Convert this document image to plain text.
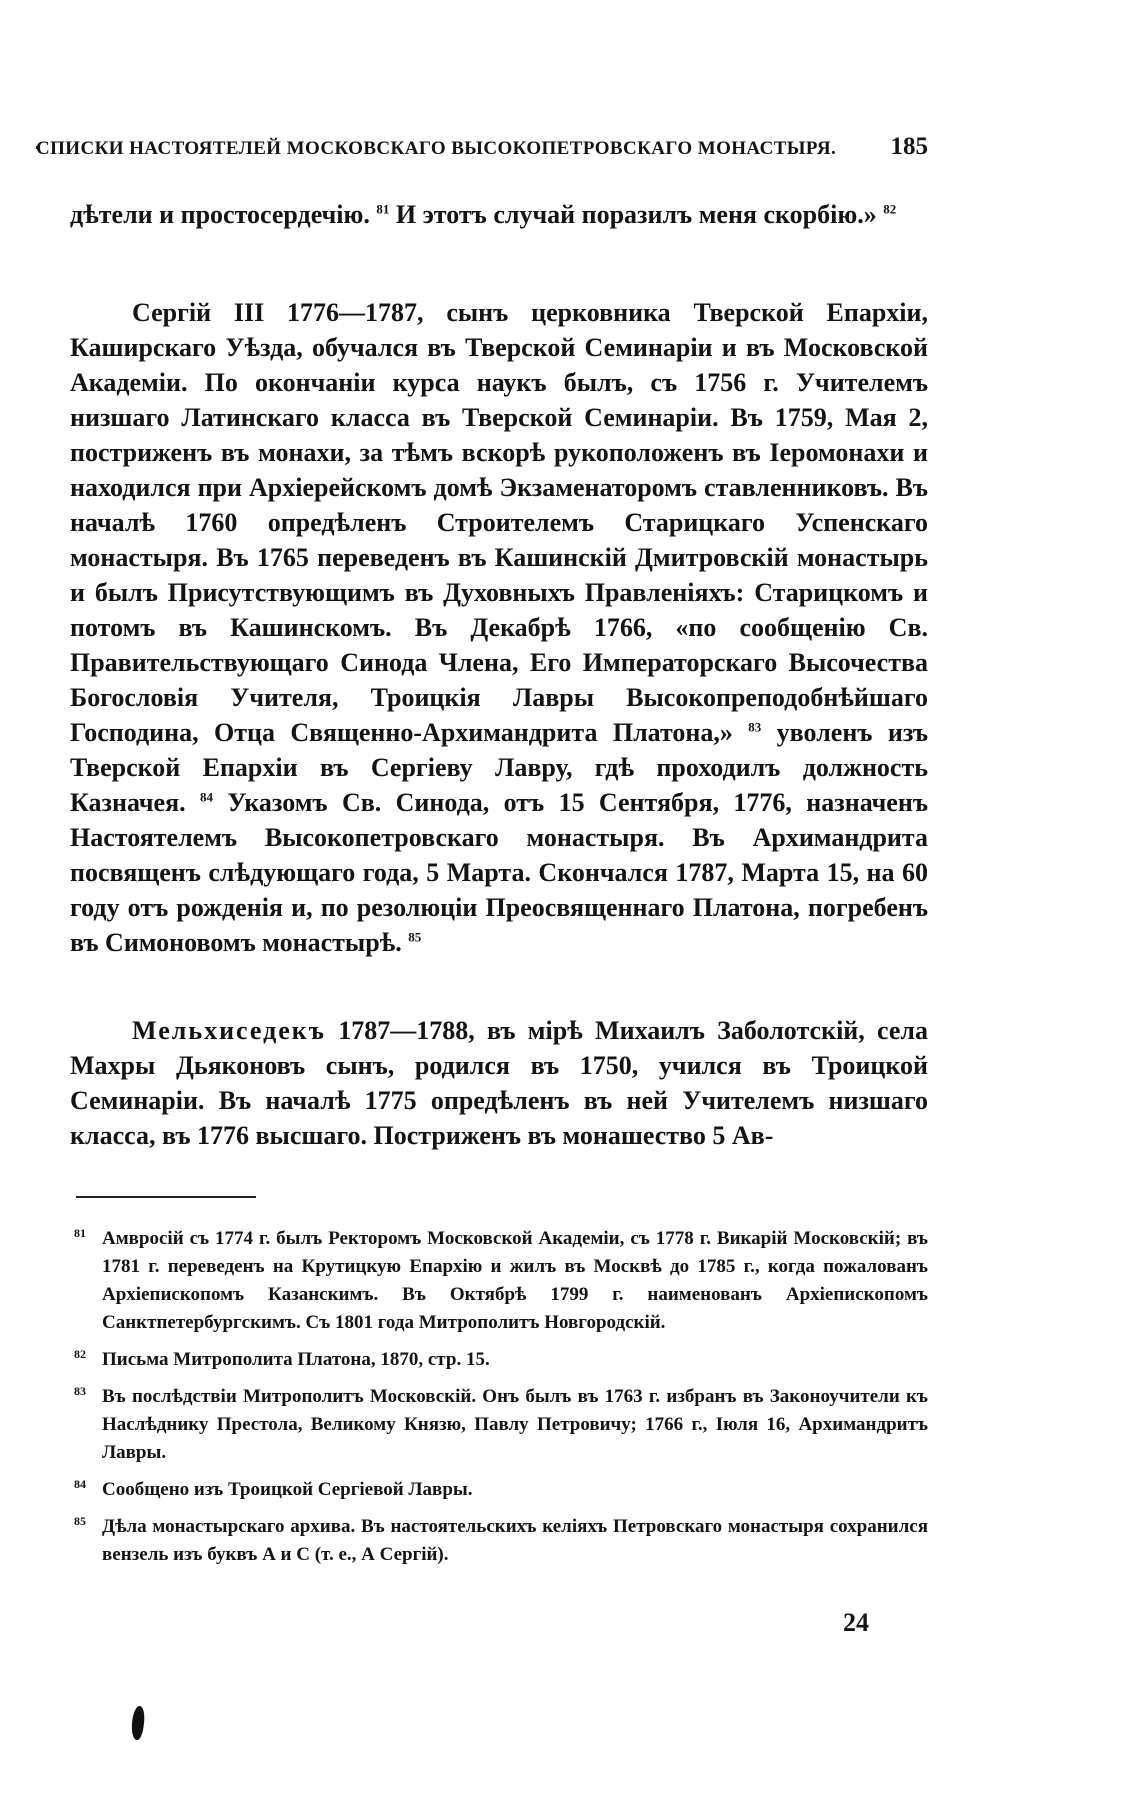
СПИСКИ НАСТОЯТЕЛЕЙ МОСКОВСКАГО ВЫСОКОПЕТРОВСКАГО МОНАСТЫРЯ. 185

дѣтели и простосердечію. $^{81}$ И этотъ случай поразилъ меня скорбію.» $^{82}$

Сергій III 1776—1787, сынъ церковника Тверской Епархіи, Каширскаго Уѣзда, обучался въ Тверской Семинаріи и въ Московской Академіи. По окончаніи курса наукъ былъ, съ 1756 г. Учителемъ низшаго Латинскаго класса въ Тверской Семинаріи. Въ 1759, Мая 2, постриженъ въ монахи, за тѣмъ вскорѣ рукоположенъ въ Іеромонахи и находился при Архіерейскомъ домѣ Экзаменаторомъ ставленниковъ. Въ началѣ 1760 опредѣленъ Строителемъ Старицкаго Успенскаго монастыря. Въ 1765 переведенъ въ Кашинскій Дмитровскій монастырь и былъ Присутствующимъ въ Духовныхъ Правленіяхъ: Старицкомъ и потомъ въ Кашинскомъ. Въ Декабрѣ 1766, «по сообщенію Св. Правительствующаго Синода Члена, Его Императорскаго Высочества Богословія Учителя, Троицкія Лавры Высокопреподобнѣйшаго Господина, Отца Священно-Архимандрита Платона,» $^{83}$ уволенъ изъ Тверской Епархіи въ Сергіеву Лавру, гдѣ проходилъ должность Казначея. $^{84}$ Указомъ Св. Синода, отъ 15 Сентября, 1776, назначенъ Настоятелемъ Высокопетровскаго монастыря. Въ Архимандрита посвященъ слѣдующаго года, 5 Марта. Скончался 1787, Марта 15, на 60 году отъ рожденія и, по резолюціи Преосвященнаго Платона, погребенъ въ Симоновомъ монастырѣ. $^{85}$

Мельхиседекъ 1787—1788, въ мірѣ Михаилъ Заболотскій, села Махры Дьяконовъ сынъ, родился въ 1750, учился въ Троицкой Семинаріи. Въ началѣ 1775 опредѣленъ въ ней Учителемъ низшаго класса, въ 1776 высшаго. Постриженъ въ монашество 5 Ав-

81 Амвросій съ 1774 г. былъ Ректоромъ Московской Академіи, съ 1778 г. Викарій Московскій; въ 1781 г. переведенъ на Крутицкую Епархію и жилъ въ Москвѣ до 1785 г., когда пожалованъ Архіепископомъ Казанскимъ. Въ Октябрѣ 1799 г. наименованъ Архіепископомъ Санктпетербургскимъ. Съ 1801 года Митрополитъ Новгородскій.

82 Письма Митрополита Платона, 1870, стр. 15.

83 Въ послѣдствіи Митрополитъ Московскій. Онъ былъ въ 1763 г. избранъ въ Законоучители къ Наслѣднику Престола, Великому Князю, Павлу Петровичу; 1766 г., Іюля 16, Архимандритъ Лавры.

84 Сообщено изъ Троицкой Сергіевой Лавры.

85 Дѣла монастырскаго архива. Въ настоятельскихъ келіяхъ Петровскаго монастыря сохранился вензель изъ буквъ А и С (т. е., А Сергій).

24
